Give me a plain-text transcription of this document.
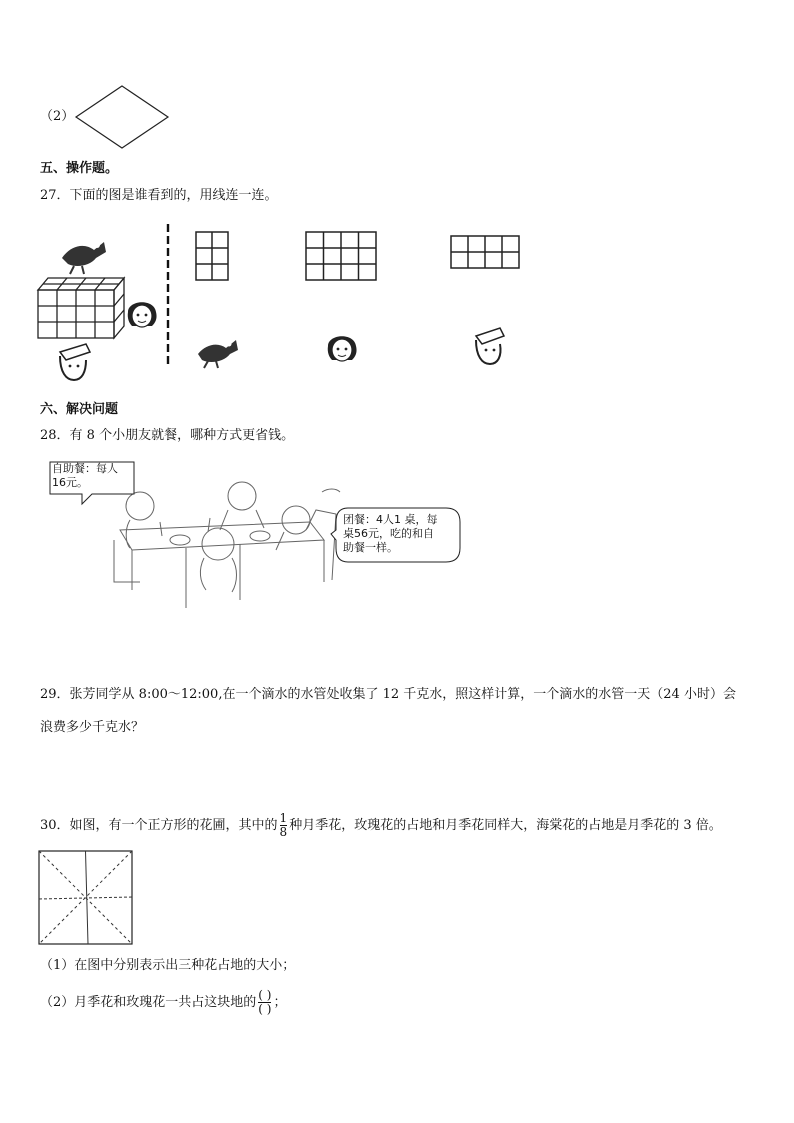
（2）
五、操作题。
27．下面的图是谁看到的，用线连一连。
六、解决问题
28．有 8 个小朋友就餐，哪种方式更省钱。
自助餐：每人
16元。
团餐：4人1 桌，每
桌56元，吃的和自
助餐一样。
29．张芳同学从 8:00～12:00,在一个滴水的水管处收集了 12 千克水，照这样计算，一个滴水的水管一天（24 小时）会
浪费多少千克水？
30．如图，有一个正方形的花圃，其中的 $\frac{1}{8}$ 种月季花，玫瑰花的占地和月季花同样大，海棠花的占地是月季花的 3 倍。
（1）在图中分别表示出三种花占地的大小；
（2）月季花和玫瑰花一共占这块地的 $\frac{( )}{( )}$ ；
